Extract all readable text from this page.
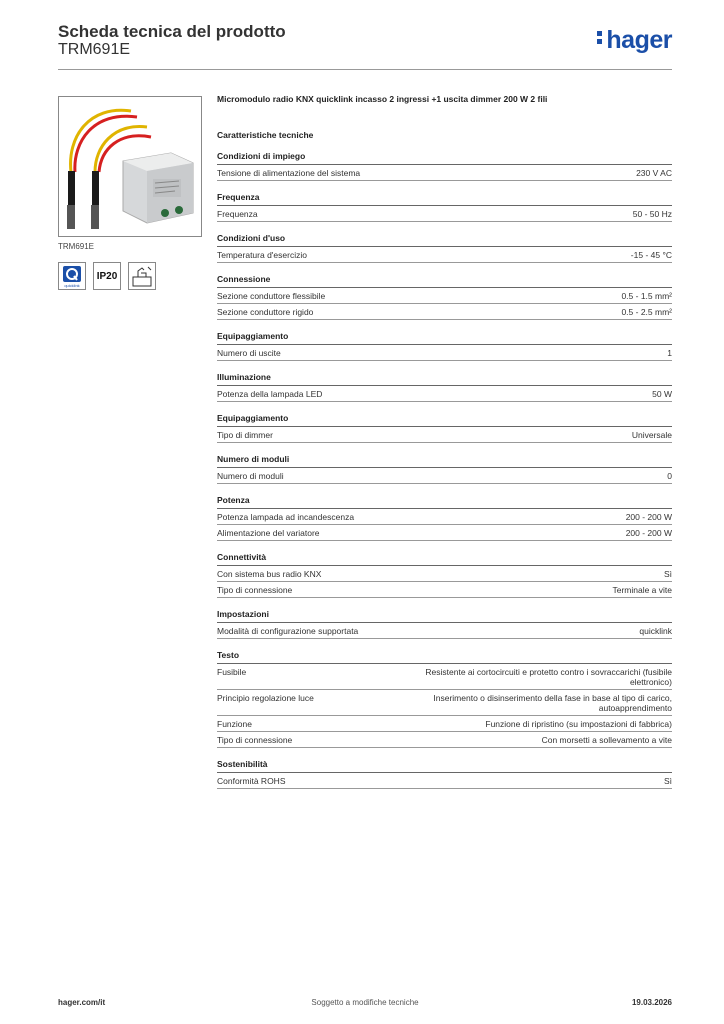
Scheda tecnica del prodotto
TRM691E	hager
TRM691E
quicklink
IP20
Micromodulo radio KNX quicklink incasso 2 ingressi +1 uscita dimmer 200 W 2 fili
Caratteristiche tecniche
Condizioni di impiego
Tensione di alimentazione del sistema	230 V AC
Frequenza
Frequenza	50 - 50 Hz
Condizioni d'uso
Temperatura d'esercizio	-15 - 45 °C
Connessione
Sezione conduttore flessibile	0.5 - 1.5 mm²
Sezione conduttore rigido	0.5 - 2.5 mm²
Equipaggiamento
Numero di uscite	1
Illuminazione
Potenza della lampada LED	50 W
Equipaggiamento
Tipo di dimmer	Universale
Numero di moduli
Numero di moduli	0
Potenza
Potenza lampada ad incandescenza	200 - 200 W
Alimentazione del variatore	200 - 200 W
Connettività
Con sistema bus radio KNX	Sì
Tipo di connessione	Terminale a vite
Impostazioni
Modalità di configurazione supportata	quicklink
Testo
Fusibile	Resistente ai cortocircuiti e protetto contro i sovraccarichi (fusibile elettronico)
Principio regolazione luce	Inserimento o disinserimento della fase in base al tipo di carico, autoapprendimento
Funzione	Funzione di ripristino (su impostazioni di fabbrica)
Tipo di connessione	Con morsetti a sollevamento a vite
Sostenibilità
Conformità ROHS	Sì
hager.com/it	Soggetto a modifiche tecniche	19.03.2026
